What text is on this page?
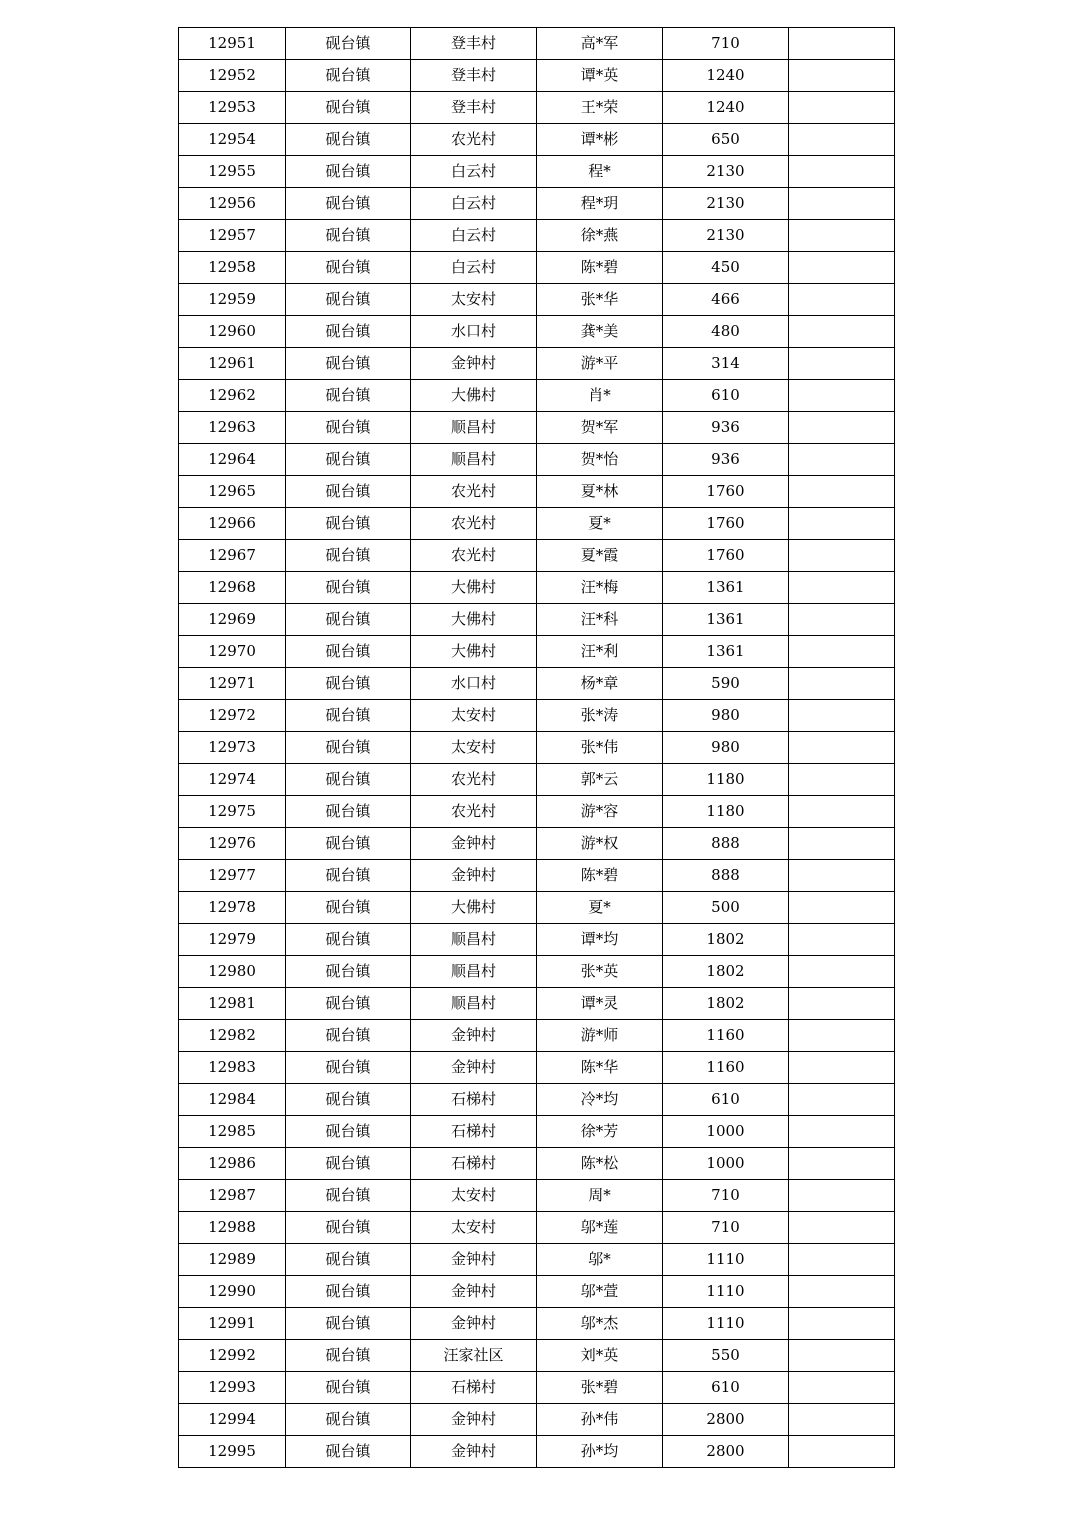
12951	砚台镇	登丰村	高*军	710	
12952	砚台镇	登丰村	谭*英	1240	
12953	砚台镇	登丰村	王*荣	1240	
12954	砚台镇	农光村	谭*彬	650	
12955	砚台镇	白云村	程*	2130	
12956	砚台镇	白云村	程*玥	2130	
12957	砚台镇	白云村	徐*燕	2130	
12958	砚台镇	白云村	陈*碧	450	
12959	砚台镇	太安村	张*华	466	
12960	砚台镇	水口村	龚*美	480	
12961	砚台镇	金钟村	游*平	314	
12962	砚台镇	大佛村	肖*	610	
12963	砚台镇	顺昌村	贺*军	936	
12964	砚台镇	顺昌村	贺*怡	936	
12965	砚台镇	农光村	夏*林	1760	
12966	砚台镇	农光村	夏*	1760	
12967	砚台镇	农光村	夏*霞	1760	
12968	砚台镇	大佛村	汪*梅	1361	
12969	砚台镇	大佛村	汪*科	1361	
12970	砚台镇	大佛村	汪*利	1361	
12971	砚台镇	水口村	杨*章	590	
12972	砚台镇	太安村	张*涛	980	
12973	砚台镇	太安村	张*伟	980	
12974	砚台镇	农光村	郭*云	1180	
12975	砚台镇	农光村	游*容	1180	
12976	砚台镇	金钟村	游*权	888	
12977	砚台镇	金钟村	陈*碧	888	
12978	砚台镇	大佛村	夏*	500	
12979	砚台镇	顺昌村	谭*均	1802	
12980	砚台镇	顺昌村	张*英	1802	
12981	砚台镇	顺昌村	谭*灵	1802	
12982	砚台镇	金钟村	游*师	1160	
12983	砚台镇	金钟村	陈*华	1160	
12984	砚台镇	石梯村	冷*均	610	
12985	砚台镇	石梯村	徐*芳	1000	
12986	砚台镇	石梯村	陈*松	1000	
12987	砚台镇	太安村	周*	710	
12988	砚台镇	太安村	邬*莲	710	
12989	砚台镇	金钟村	邬*	1110	
12990	砚台镇	金钟村	邬*萱	1110	
12991	砚台镇	金钟村	邬*杰	1110	
12992	砚台镇	汪家社区	刘*英	550	
12993	砚台镇	石梯村	张*碧	610	
12994	砚台镇	金钟村	孙*伟	2800	
12995	砚台镇	金钟村	孙*均	2800	
